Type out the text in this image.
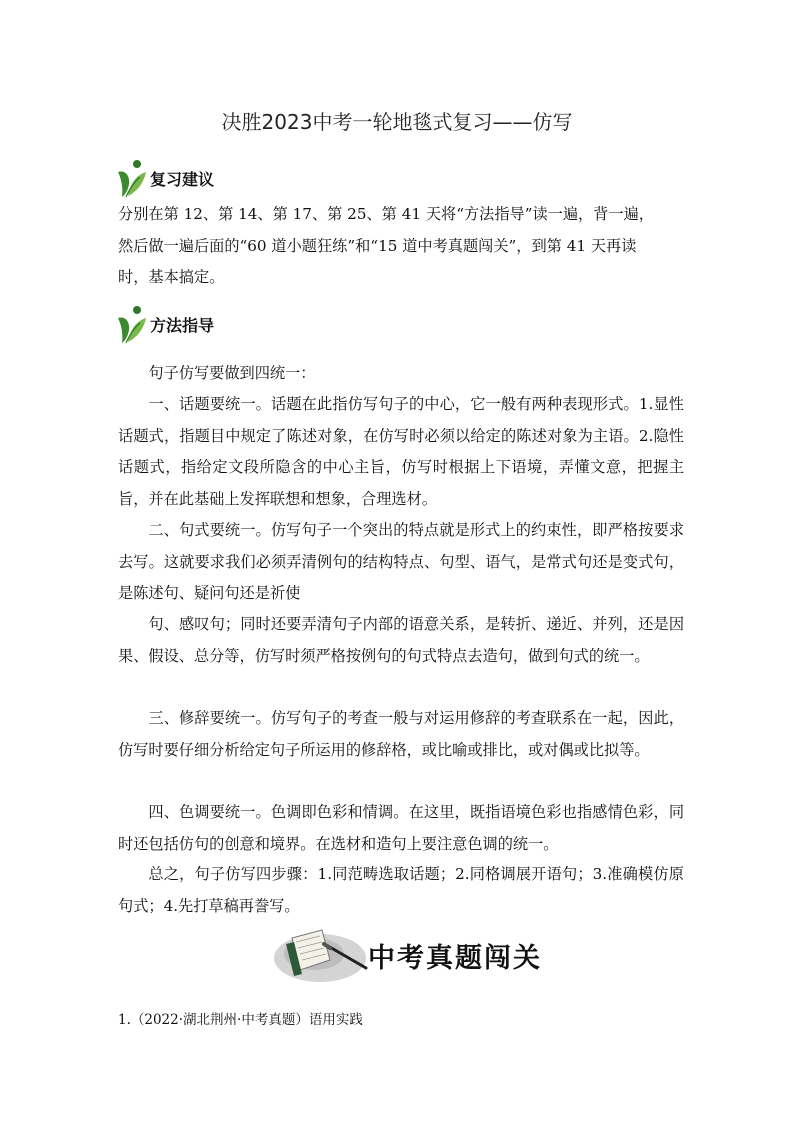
决胜2023中考一轮地毯式复习——仿写
复习建议
分别在第 12、第 14、第 17、第 25、第 41 天将“方法指导”读一遍，背一遍，
然后做一遍后面的“60 道小题狂练”和“15 道中考真题闯关”，到第 41 天再读
时，基本搞定。
方法指导

句子仿写要做到四统一：

一、话题要统一。话题在此指仿写句子的中心，它一般有两种表现形式。1.显性话题式，指题目中规定了陈述对象，在仿写时必须以给定的陈述对象为主语。2.隐性话题式，指给定文段所隐含的中心主旨，仿写时根据上下语境，弄懂文意，把握主旨，并在此基础上发挥联想和想象，合理选材。

二、句式要统一。仿写句子一个突出的特点就是形式上的约束性，即严格按要求去写。这就要求我们必须弄清例句的结构特点、句型、语气，是常式句还是变式句，是陈述句、疑问句还是祈使

句、感叹句；同时还要弄清句子内部的语意关系，是转折、递近、并列，还是因果、假设、总分等，仿写时须严格按例句的句式特点去造句，做到句式的统一。

三、修辞要统一。仿写句子的考查一般与对运用修辞的考查联系在一起，因此，仿写时要仔细分析给定句子所运用的修辞格，或比喻或排比，或对偶或比拟等。

四、色调要统一。色调即色彩和情调。在这里，既指语境色彩也指感情色彩，同时还包括仿句的创意和境界。在选材和造句上要注意色调的统一。

总之，句子仿写四步骤：1.同范畴选取话题；2.同格调展开语句；3.准确模仿原句式；4.先打草稿再誊写。

中考真题闯关
1.（2022·湖北荆州·中考真题）语用实践
